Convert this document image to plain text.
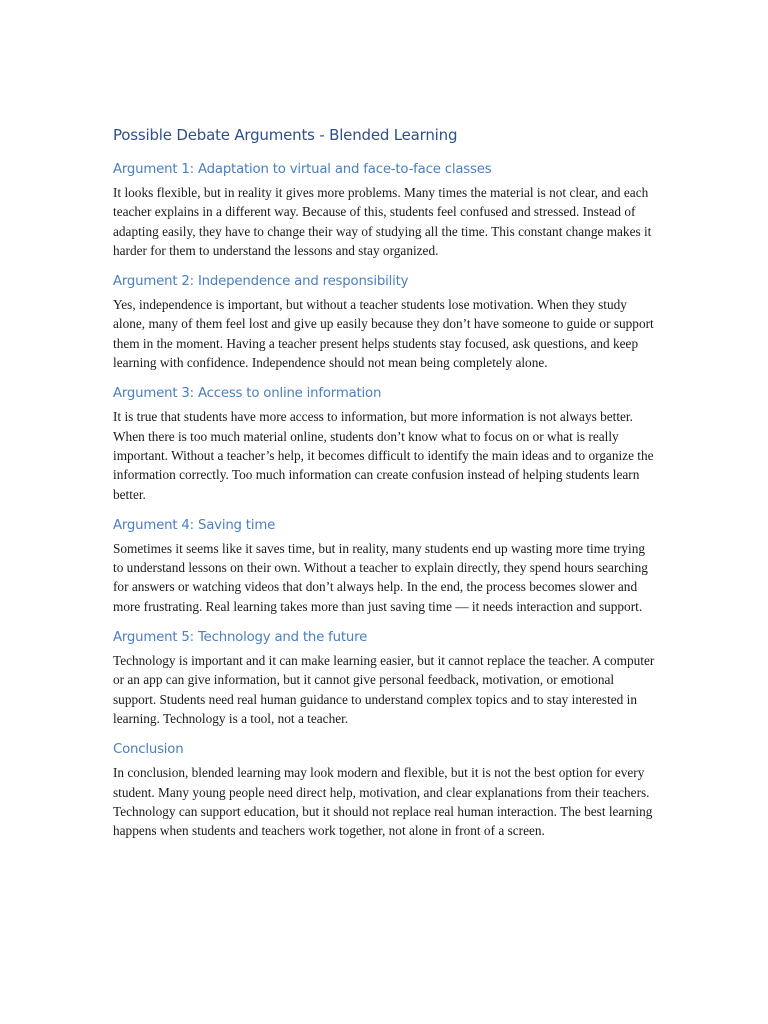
Possible Debate Arguments - Blended Learning
Argument 1: Adaptation to virtual and face-to-face classes

It looks flexible, but in reality it gives more problems. Many times the material is not clear, and each teacher explains in a different way. Because of this, students feel confused and stressed. Instead of adapting easily, they have to change their way of studying all the time. This constant change makes it harder for them to understand the lessons and stay organized.

Argument 2: Independence and responsibility

Yes, independence is important, but without a teacher students lose motivation. When they study alone, many of them feel lost and give up easily because they don’t have someone to guide or support them in the moment. Having a teacher present helps students stay focused, ask questions, and keep learning with confidence. Independence should not mean being completely alone.

Argument 3: Access to online information

It is true that students have more access to information, but more information is not always better. When there is too much material online, students don’t know what to focus on or what is really important. Without a teacher’s help, it becomes difficult to identify the main ideas and to organize the information correctly. Too much information can create confusion instead of helping students learn better.

Argument 4: Saving time

Sometimes it seems like it saves time, but in reality, many students end up wasting more time trying to understand lessons on their own. Without a teacher to explain directly, they spend hours searching for answers or watching videos that don’t always help. In the end, the process becomes slower and more frustrating. Real learning takes more than just saving time — it needs interaction and support.

Argument 5: Technology and the future

Technology is important and it can make learning easier, but it cannot replace the teacher. A computer or an app can give information, but it cannot give personal feedback, motivation, or emotional support. Students need real human guidance to understand complex topics and to stay interested in learning. Technology is a tool, not a teacher.

Conclusion

In conclusion, blended learning may look modern and flexible, but it is not the best option for every student. Many young people need direct help, motivation, and clear explanations from their teachers. Technology can support education, but it should not replace real human interaction. The best learning happens when students and teachers work together, not alone in front of a screen.
